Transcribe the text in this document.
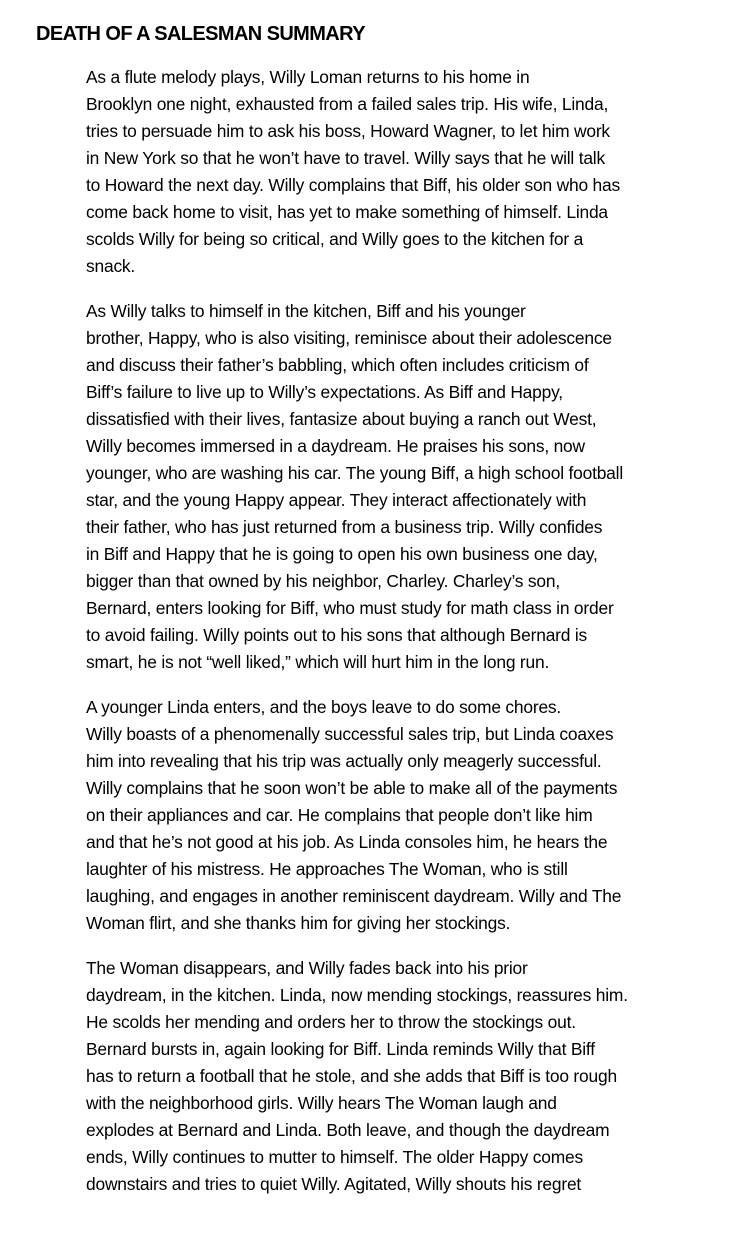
DEATH OF A SALESMAN SUMMARY
As a flute melody plays, Willy Loman returns to his home in
Brooklyn one night, exhausted from a failed sales trip. His wife, Linda,
tries to persuade him to ask his boss, Howard Wagner, to let him work
in New York so that he won’t have to travel. Willy says that he will talk
to Howard the next day. Willy complains that Biff, his older son who has
come back home to visit, has yet to make something of himself. Linda
scolds Willy for being so critical, and Willy goes to the kitchen for a
snack.
As Willy talks to himself in the kitchen, Biff and his younger
brother, Happy, who is also visiting, reminisce about their adolescence
and discuss their father’s babbling, which often includes criticism of
Biff’s failure to live up to Willy’s expectations. As Biff and Happy,
dissatisfied with their lives, fantasize about buying a ranch out West,
Willy becomes immersed in a daydream. He praises his sons, now
younger, who are washing his car. The young Biff, a high school football
star, and the young Happy appear. They interact affectionately with
their father, who has just returned from a business trip. Willy confides
in Biff and Happy that he is going to open his own business one day,
bigger than that owned by his neighbor, Charley. Charley’s son,
Bernard, enters looking for Biff, who must study for math class in order
to avoid failing. Willy points out to his sons that although Bernard is
smart, he is not “well liked,” which will hurt him in the long run.
A younger Linda enters, and the boys leave to do some chores.
Willy boasts of a phenomenally successful sales trip, but Linda coaxes
him into revealing that his trip was actually only meagerly successful.
Willy complains that he soon won’t be able to make all of the payments
on their appliances and car. He complains that people don’t like him
and that he’s not good at his job. As Linda consoles him, he hears the
laughter of his mistress. He approaches The Woman, who is still
laughing, and engages in another reminiscent daydream. Willy and The
Woman flirt, and she thanks him for giving her stockings.
The Woman disappears, and Willy fades back into his prior
daydream, in the kitchen. Linda, now mending stockings, reassures him.
He scolds her mending and orders her to throw the stockings out.
Bernard bursts in, again looking for Biff. Linda reminds Willy that Biff
has to return a football that he stole, and she adds that Biff is too rough
with the neighborhood girls. Willy hears The Woman laugh and
explodes at Bernard and Linda. Both leave, and though the daydream
ends, Willy continues to mutter to himself. The older Happy comes
downstairs and tries to quiet Willy. Agitated, Willy shouts his regret
